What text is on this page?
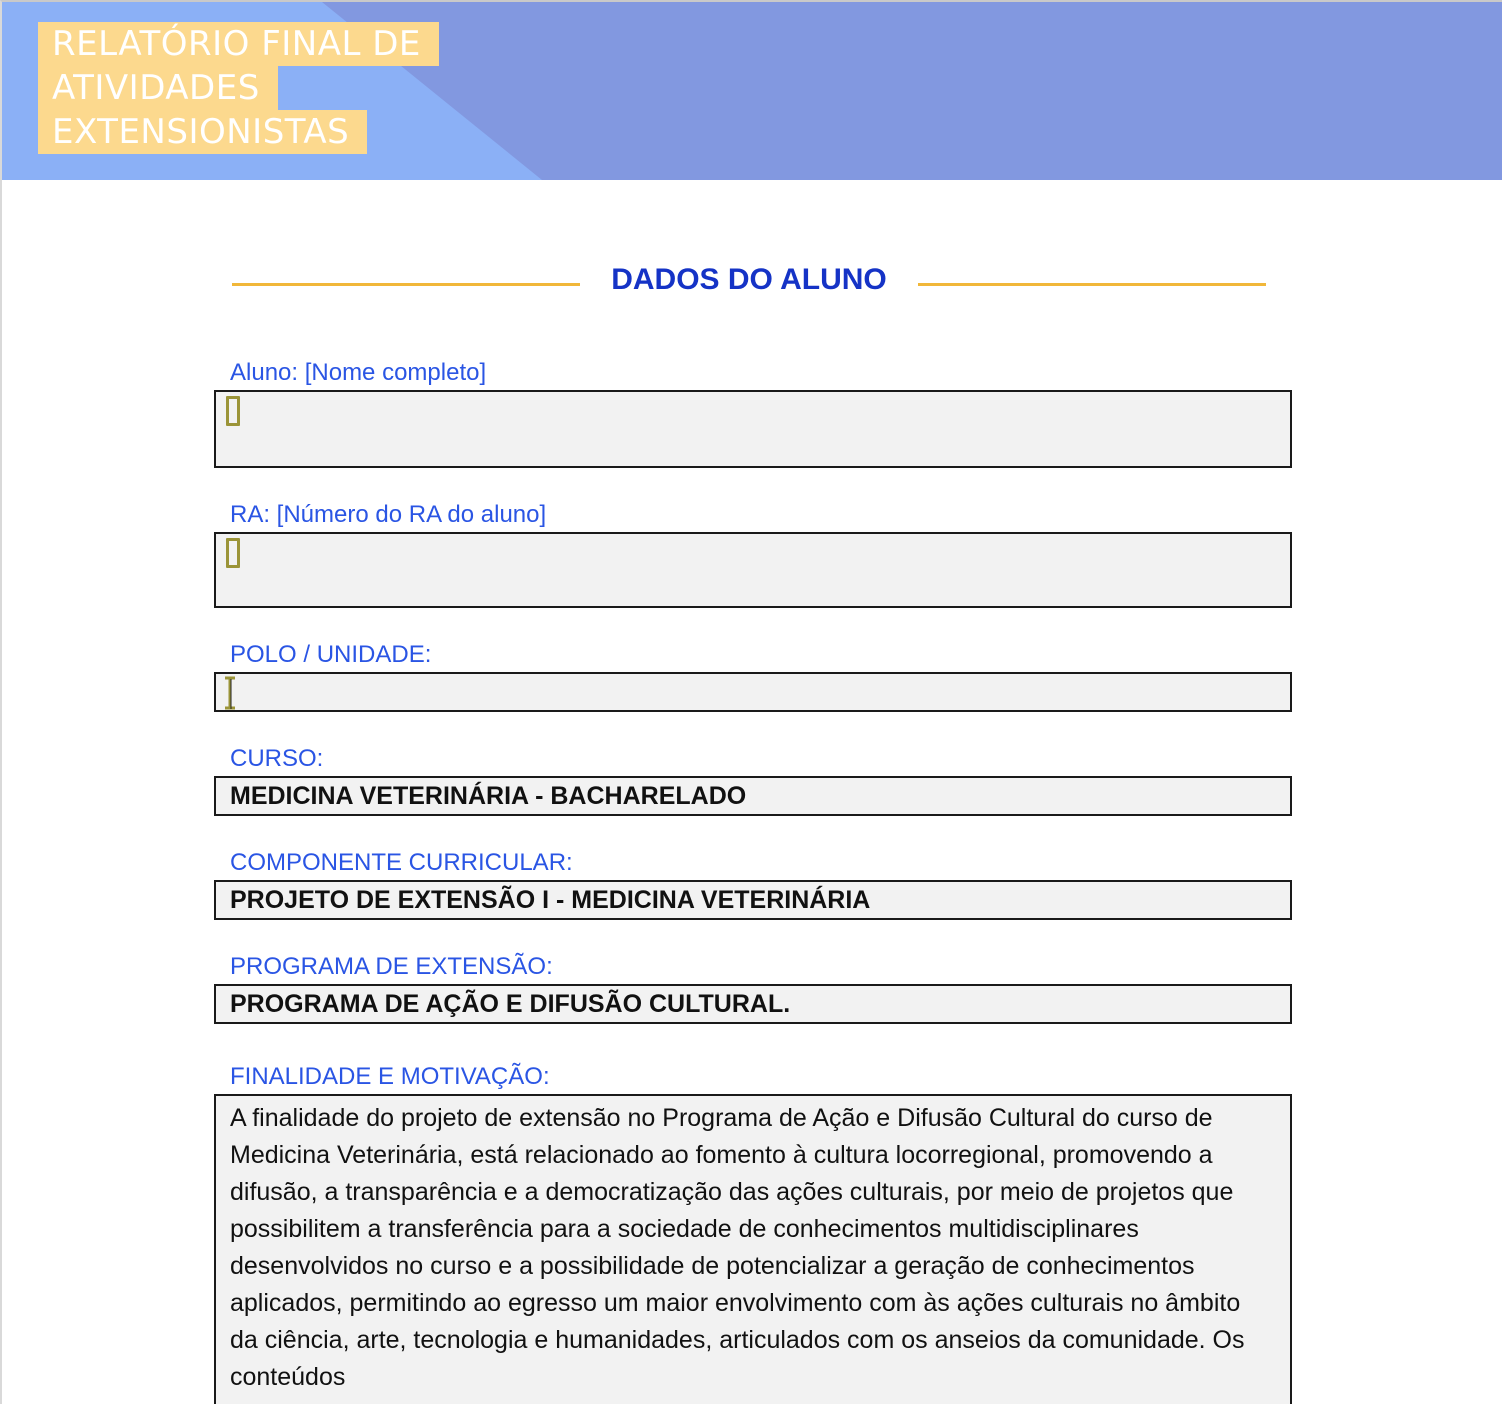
RELATÓRIO FINAL DE
ATIVIDADES
EXTENSIONISTAS
DADOS DO ALUNO
Aluno: [Nome completo]
RA: [Número do RA do aluno]
POLO / UNIDADE:
CURSO:
MEDICINA VETERINÁRIA - BACHARELADO
COMPONENTE CURRICULAR:
PROJETO DE EXTENSÃO I - MEDICINA VETERINÁRIA
PROGRAMA DE EXTENSÃO:
PROGRAMA DE AÇÃO E DIFUSÃO CULTURAL.
FINALIDADE E MOTIVAÇÃO:
A finalidade do projeto de extensão no Programa de Ação e Difusão Cultural do curso de Medicina Veterinária, está relacionado ao fomento à cultura locorregional, promovendo a difusão, a transparência e a democratização das ações culturais, por meio de projetos que possibilitem a transferência para a sociedade de conhecimentos multidisciplinares desenvolvidos no curso e a possibilidade de potencializar a geração de conhecimentos aplicados, permitindo ao egresso um maior envolvimento com às ações culturais no âmbito da ciência, arte, tecnologia e humanidades, articulados com os anseios da comunidade. Os conteúdos
